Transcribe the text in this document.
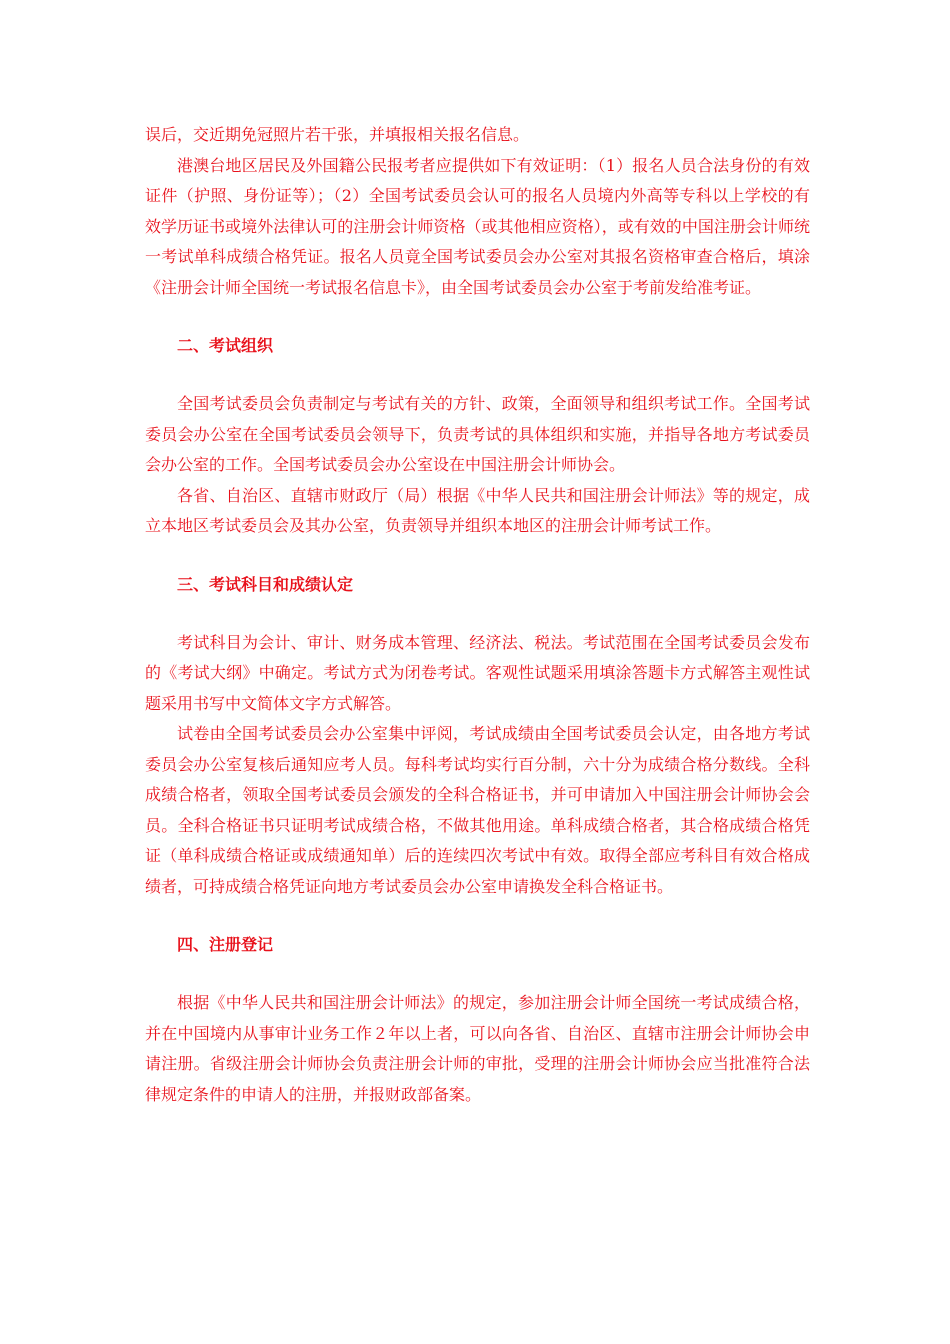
误后，交近期免冠照片若干张，并填报相关报名信息。

港澳台地区居民及外国籍公民报考者应提供如下有效证明：（1）报名人员合法身份的有效证件（护照、身份证等）；（2）全国考试委员会认可的报名人员境内外高等专科以上学校的有效学历证书或境外法律认可的注册会计师资格（或其他相应资格），或有效的中国注册会计师统一考试单科成绩合格凭证。报名人员竟全国考试委员会办公室对其报名资格审查合格后，填涂《注册会计师全国统一考试报名信息卡》，由全国考试委员会办公室于考前发给准考证。

二、考试组织

全国考试委员会负责制定与考试有关的方针、政策，全面领导和组织考试工作。全国考试委员会办公室在全国考试委员会领导下，负责考试的具体组织和实施，并指导各地方考试委员会办公室的工作。全国考试委员会办公室设在中国注册会计师协会。

各省、自治区、直辖市财政厅（局）根据《中华人民共和国注册会计师法》等的规定，成立本地区考试委员会及其办公室，负责领导并组织本地区的注册会计师考试工作。

三、考试科目和成绩认定

考试科目为会计、审计、财务成本管理、经济法、税法。考试范围在全国考试委员会发布的《考试大纲》中确定。考试方式为闭卷考试。客观性试题采用填涂答题卡方式解答主观性试题采用书写中文简体文字方式解答。

试卷由全国考试委员会办公室集中评阅，考试成绩由全国考试委员会认定，由各地方考试委员会办公室复核后通知应考人员。每科考试均实行百分制，六十分为成绩合格分数线。全科成绩合格者，领取全国考试委员会颁发的全科合格证书，并可申请加入中国注册会计师协会会员。全科合格证书只证明考试成绩合格，不做其他用途。单科成绩合格者，其合格成绩合格凭证（单科成绩合格证或成绩通知单）后的连续四次考试中有效。取得全部应考科目有效合格成绩者，可持成绩合格凭证向地方考试委员会办公室申请换发全科合格证书。

四、注册登记

根据《中华人民共和国注册会计师法》的规定，参加注册会计师全国统一考试成绩合格，并在中国境内从事审计业务工作２年以上者，可以向各省、自治区、直辖市注册会计师协会申请注册。省级注册会计师协会负责注册会计师的审批，受理的注册会计师协会应当批准符合法律规定条件的申请人的注册，并报财政部备案。
